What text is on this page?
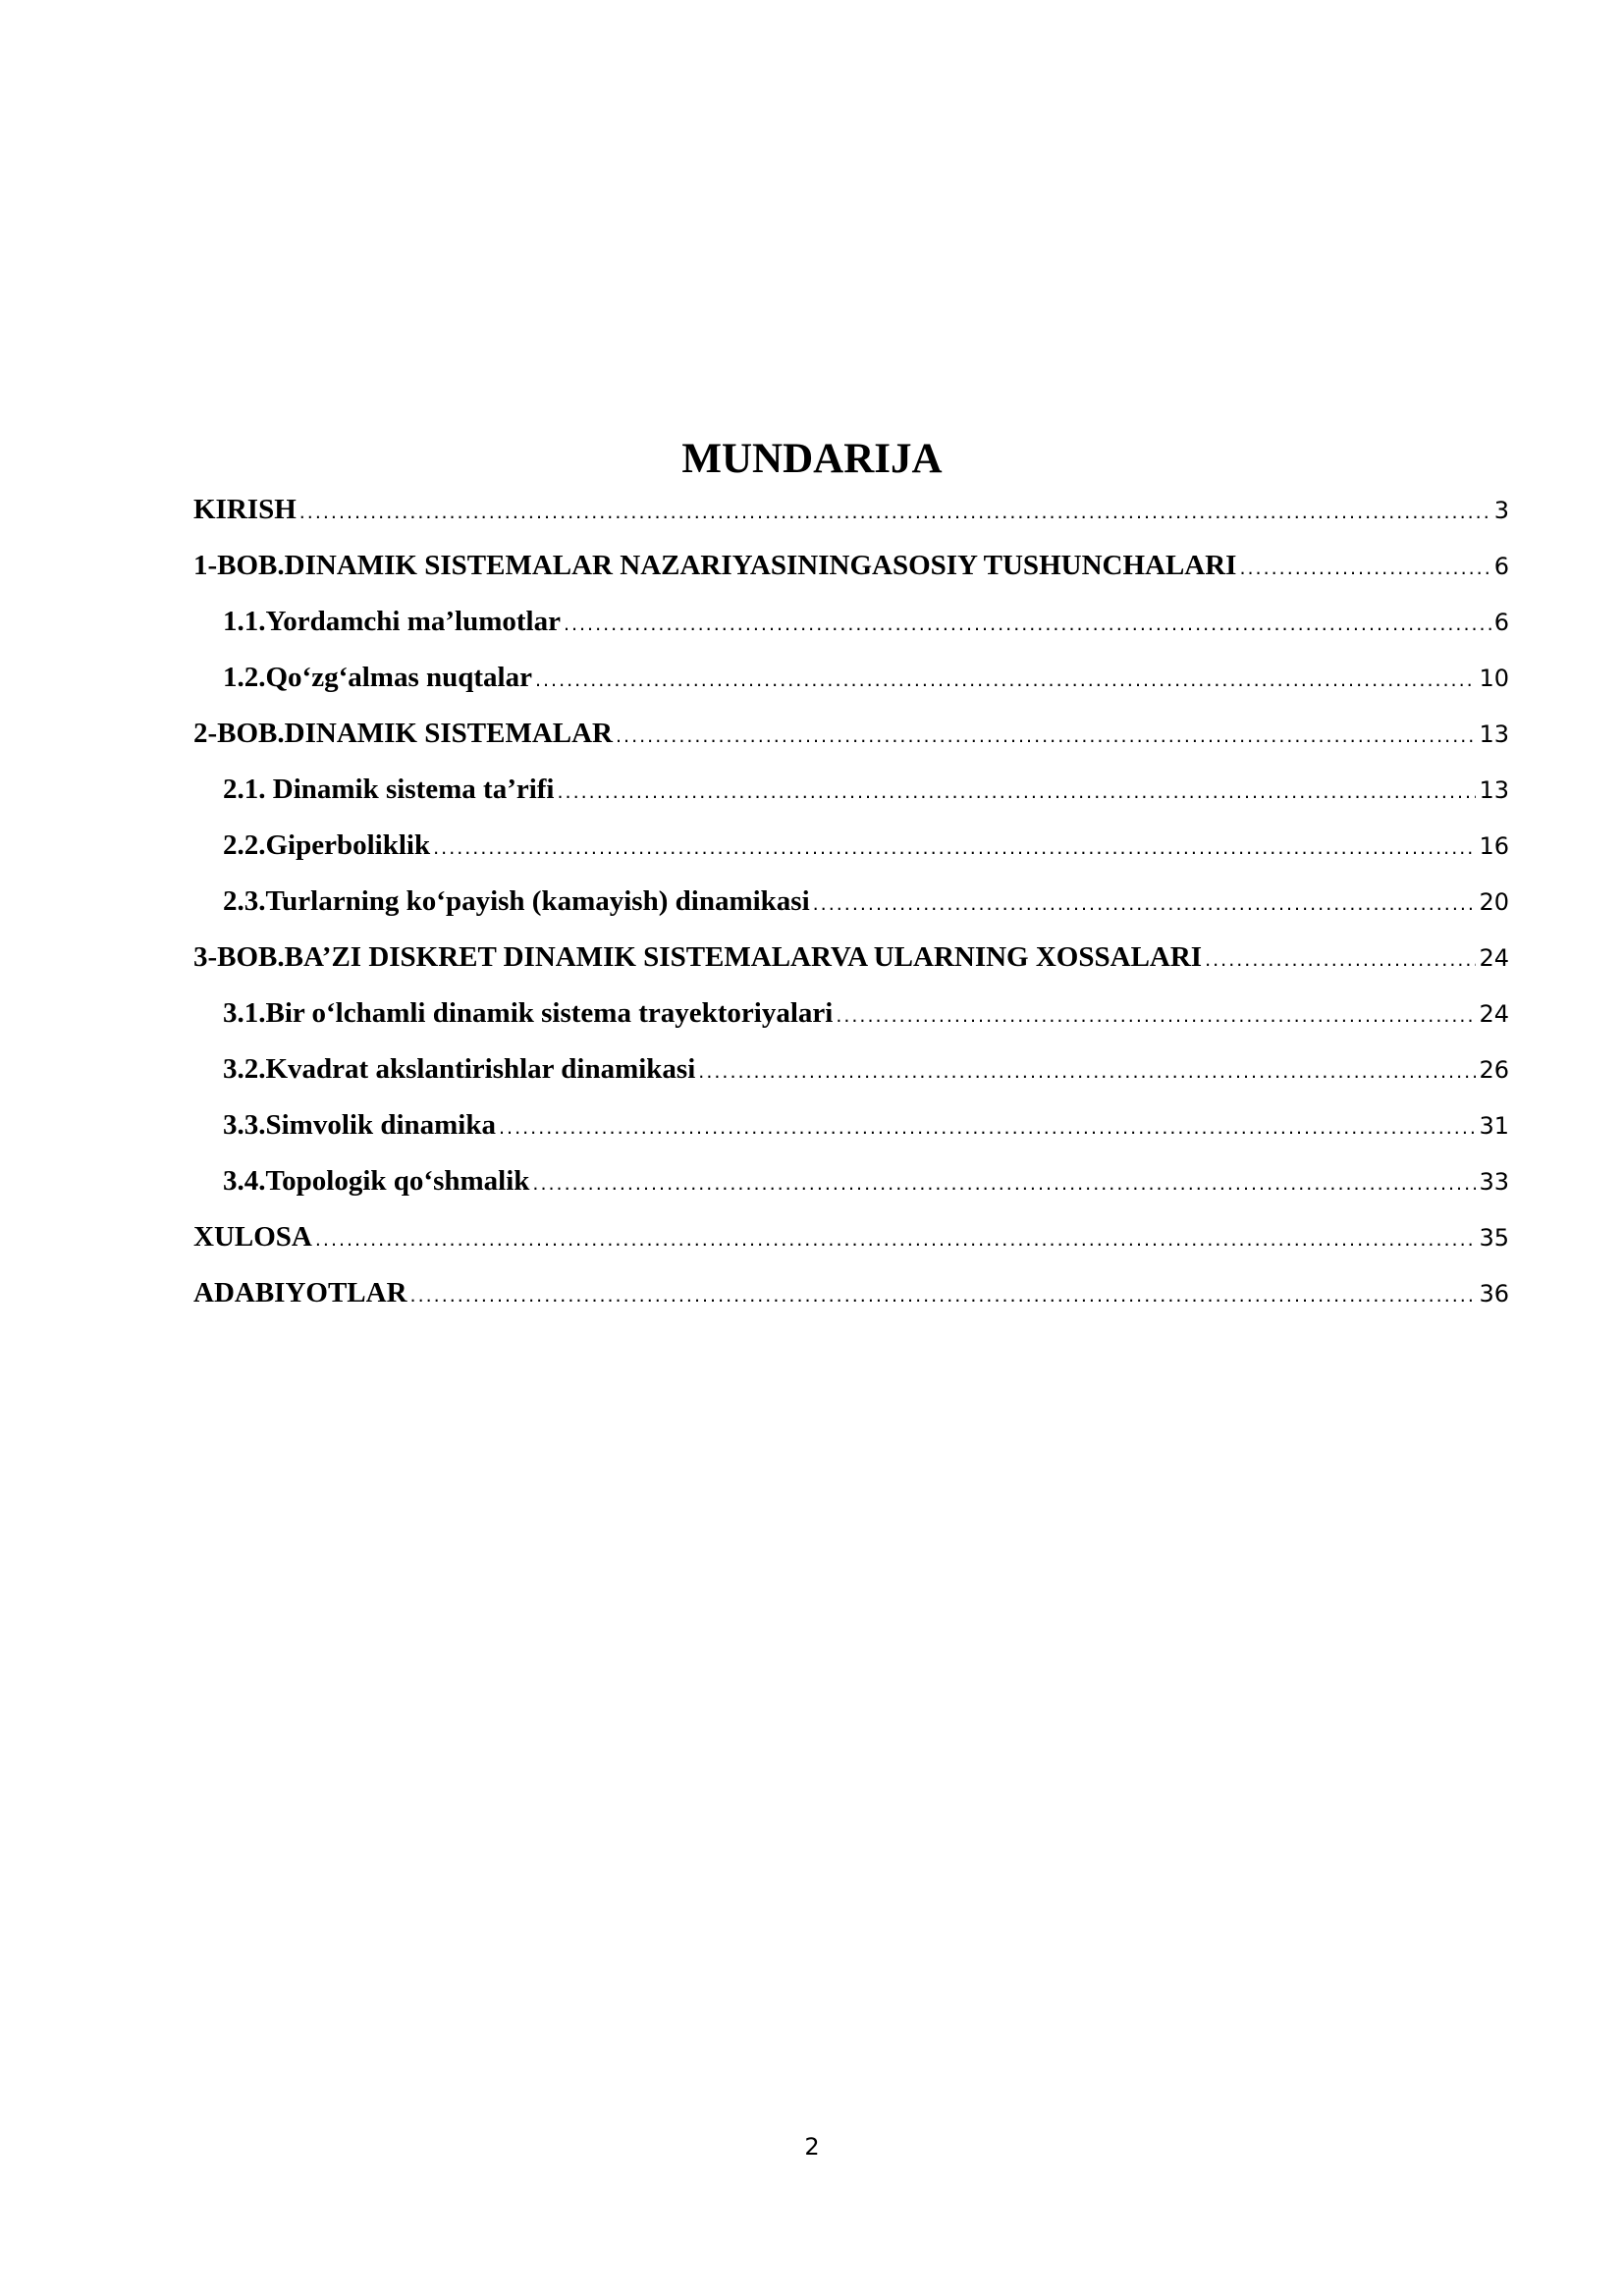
MUNDARIJA
KIRISH .....	3
1-BOB.DINAMIK SISTEMALAR NAZARIYASININGASOSIY TUSHUNCHALARI .....	6
1.1.Yordamchi ma’lumotlar .....	6
1.2.Qo‘zg‘almas nuqtalar .....	10
2-BOB.DINAMIK SISTEMALAR .....	13
2.1. Dinamik sistema ta’rifi .....	13
2.2.Giperboliklik .....	16
2.3.Turlarning ko‘payish (kamayish) dinamikasi .....	20
3-BOB.BA’ZI DISKRET DINAMIK SISTEMALARVA ULARNING XOSSALARI .....	24
3.1.Bir o‘lchamli dinamik sistema trayektoriyalari .....	24
3.2.Kvadrat akslantirishlar dinamikasi .....	26
3.3.Simvolik dinamika .....	31
3.4.Topologik qo‘shmalik .....	33
XULOSA .....	35
ADABIYOTLAR .....	36
2
